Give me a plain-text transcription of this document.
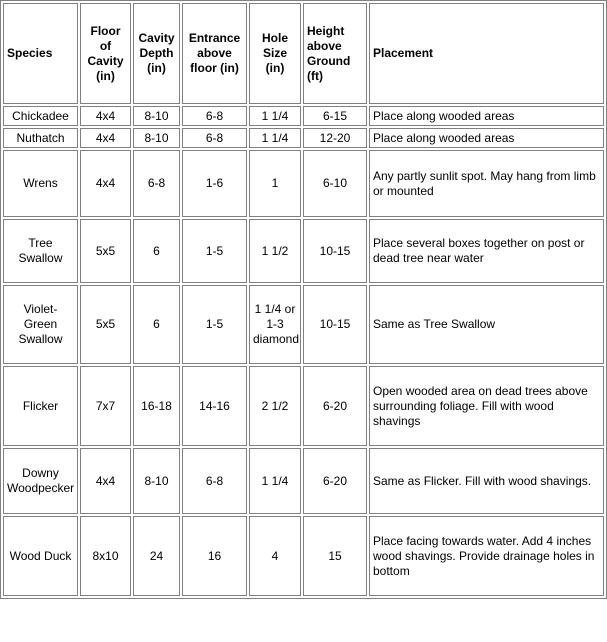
Species	Floor
of
Cavity
(in)	Cavity
Depth
(in)	Entrance
above
floor (in)	Hole
Size (in)	Height
above
Ground
(ft)	Placement
Chickadee	4x4	8-10	6-8	1 1/4	6-15	Place along wooded areas
Nuthatch	4x4	8-10	6-8	1 1/4	12-20	Place along wooded areas
Wrens	4x4	6-8	1-6	1	6-10	Any partly sunlit spot. May hang from limb or mounted
Tree
Swallow	5x5	6	1-5	1 1/2	10-15	Place several boxes together on post or dead tree near water
Violet-Green
Swallow	5x5	6	1-5	1 1/4 or
1-3
diamond	10-15	Same as Tree Swallow
Flicker	7x7	16-18	14-16	2 1/2	6-20	Open wooded area on dead trees above surrounding foliage. Fill with wood shavings
Downy
Woodpecker	4x4	8-10	6-8	1 1/4	6-20	Same as Flicker. Fill with wood shavings.
Wood Duck	8x10	24	16	4	15	Place facing towards water. Add 4 inches wood shavings. Provide drainage holes in bottom
